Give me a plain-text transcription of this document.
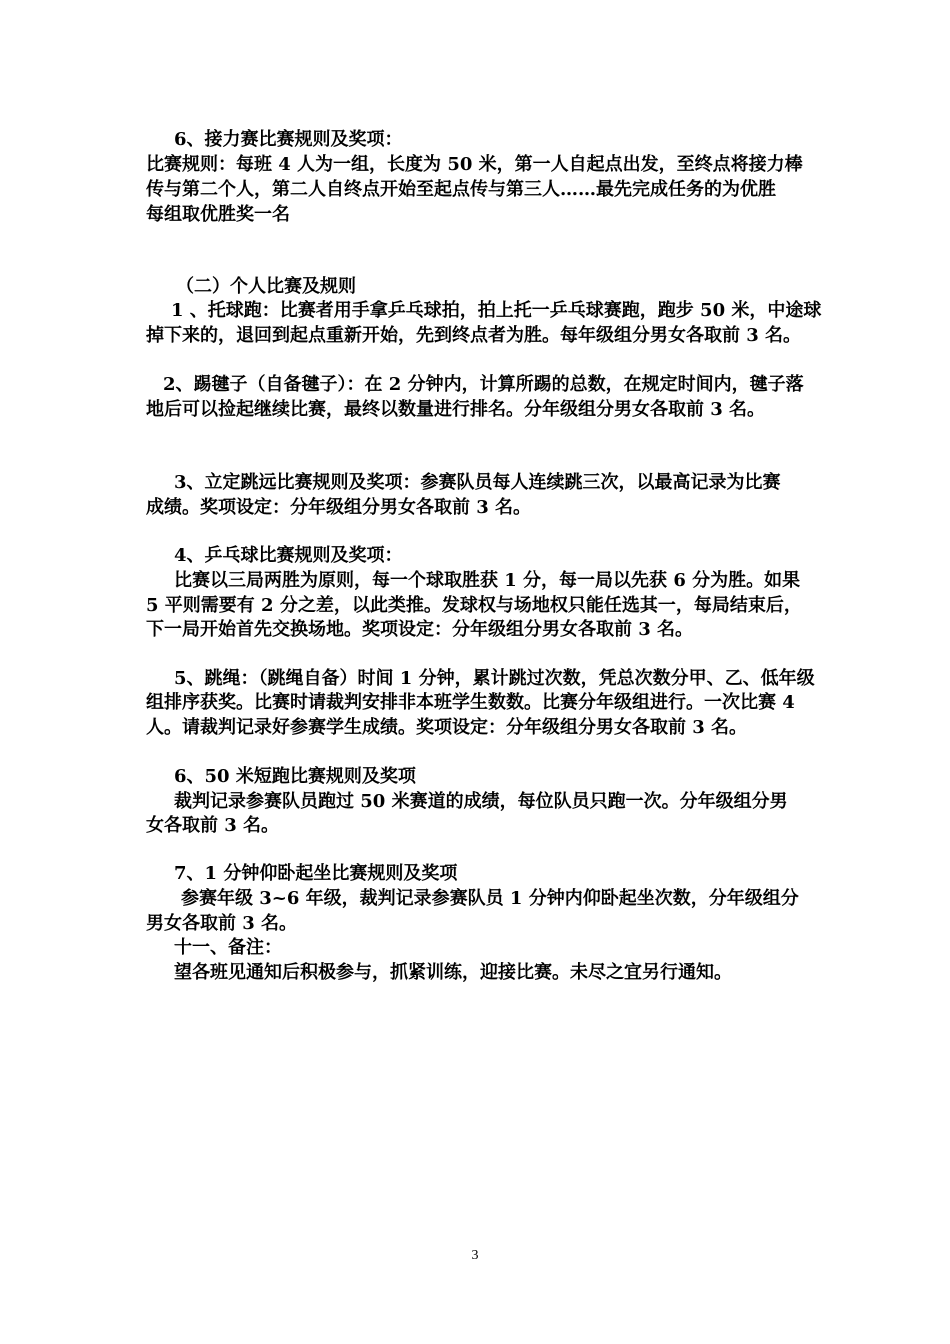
6、接力赛比赛规则及奖项：
比赛规则：每班 4 人为一组，长度为 50 米，第一人自起点出发，至终点将接力棒
传与第二个人，第二人自终点开始至起点传与第三人……最先完成任务的为优胜
每组取优胜奖一名
（二）个人比赛及规则
1 、托球跑：比赛者用手拿乒乓球拍，拍上托一乒乓球赛跑，跑步 50 米，中途球
掉下来的，退回到起点重新开始，先到终点者为胜。每年级组分男女各取前 3 名。
2、踢毽子（自备毽子）：在 2 分钟内，计算所踢的总数，在规定时间内，毽子落
地后可以捡起继续比赛，最终以数量进行排名。分年级组分男女各取前 3 名。
3、立定跳远比赛规则及奖项：参赛队员每人连续跳三次，以最高记录为比赛
成绩。奖项设定：分年级组分男女各取前 3 名。
4、乒乓球比赛规则及奖项：
比赛以三局两胜为原则，每一个球取胜获 1 分，每一局以先获 6 分为胜。如果
5 平则需要有 2 分之差，以此类推。发球权与场地权只能任选其一，每局结束后，
下一局开始首先交换场地。奖项设定：分年级组分男女各取前 3 名。
5、跳绳：（跳绳自备）时间 1 分钟，累计跳过次数，凭总次数分甲、乙、低年级
组排序获奖。比赛时请裁判安排非本班学生数数。比赛分年级组进行。一次比赛 4
人。请裁判记录好参赛学生成绩。奖项设定：分年级组分男女各取前 3 名。
6、50 米短跑比赛规则及奖项
裁判记录参赛队员跑过 50 米赛道的成绩，每位队员只跑一次。分年级组分男
女各取前 3 名。
7、1 分钟仰卧起坐比赛规则及奖项
参赛年级 3~6 年级，裁判记录参赛队员 1 分钟内仰卧起坐次数，分年级组分
男女各取前 3 名。
十一、备注：
望各班见通知后积极参与，抓紧训练，迎接比赛。未尽之宜另行通知。
3
